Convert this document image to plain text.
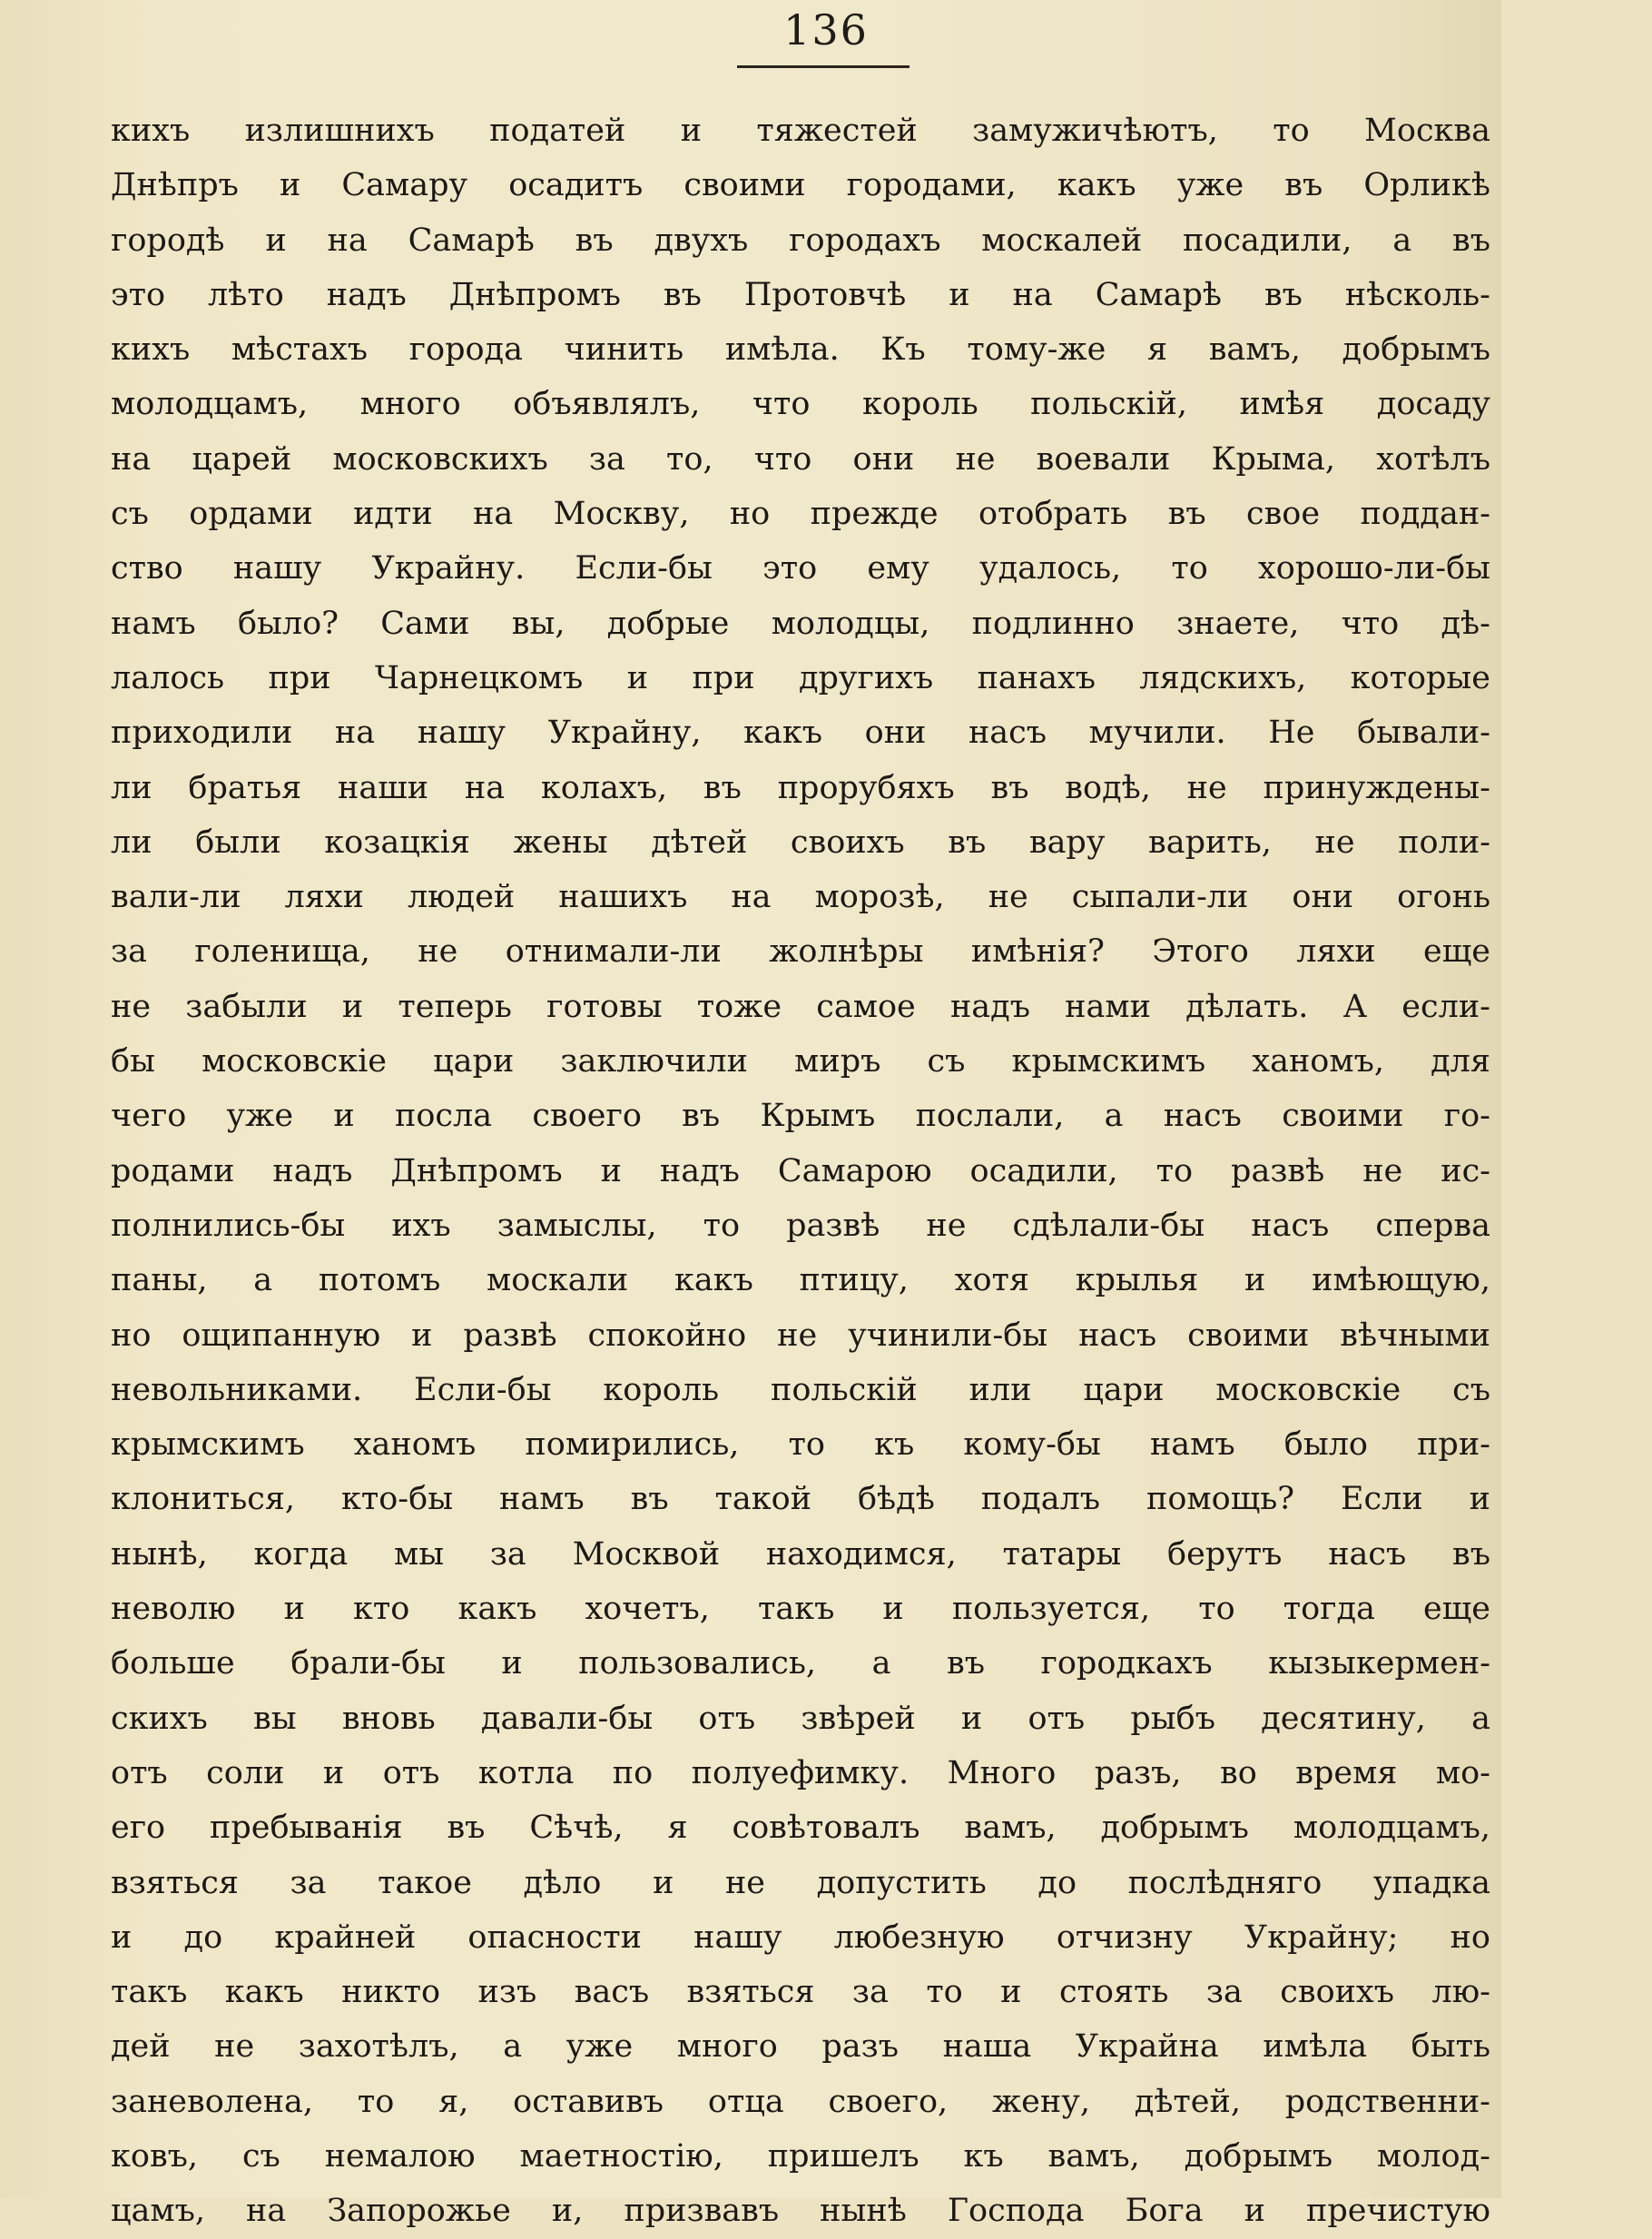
136
кихъ излишнихъ податей и тяжестей замужичѣютъ, то Москва
Днѣпръ и Самару осадитъ своими городами, какъ уже въ Орликѣ
городѣ и на Самарѣ въ двухъ городахъ москалей посадили, а въ
это лѣто надъ Днѣпромъ въ Протовчѣ и на Самарѣ въ нѣсколь-
кихъ мѣстахъ города чинить имѣла. Къ тому-же я вамъ, добрымъ
молодцамъ, много объявлялъ, что король польскій, имѣя досаду
на царей московскихъ за то, что они не воевали Крыма, хотѣлъ
съ ордами идти на Москву, но прежде отобрать въ свое поддан-
ство нашу Украйну. Если-бы это ему удалось, то хорошо-ли-бы
намъ было? Сами вы, добрые молодцы, подлинно знаете, что дѣ-
лалось при Чарнецкомъ и при другихъ панахъ лядскихъ, которые
приходили на нашу Украйну, какъ они насъ мучили. Не бывали-
ли братья наши на колахъ, въ прорубяхъ въ водѣ, не принуждены-
ли были козацкія жены дѣтей своихъ въ вару варить, не поли-
вали-ли ляхи людей нашихъ на морозѣ, не сыпали-ли они огонь
за голенища, не отнимали-ли жолнѣры имѣнія? Этого ляхи еще
не забыли и теперь готовы тоже самое надъ нами дѣлать. А если-
бы московскіе цари заключили миръ съ крымскимъ ханомъ, для
чего уже и посла своего въ Крымъ послали, а насъ своими го-
родами надъ Днѣпромъ и надъ Самарою осадили, то развѣ не ис-
полнились-бы ихъ замыслы, то развѣ не сдѣлали-бы насъ сперва
паны, а потомъ москали какъ птицу, хотя крылья и имѣющую,
но ощипанную и развѣ спокойно не учинили-бы насъ своими вѣчными
невольниками. Если-бы король польскій или цари московскіе съ
крымскимъ ханомъ помирились, то къ кому-бы намъ было при-
клониться, кто-бы намъ въ такой бѣдѣ подалъ помощь? Если и
нынѣ, когда мы за Москвой находимся, татары берутъ насъ въ
неволю и кто какъ хочетъ, такъ и пользуется, то тогда еще
больше брали-бы и пользовались, а въ городкахъ кызыкермен-
скихъ вы вновь давали-бы отъ звѣрей и отъ рыбъ десятину, а
отъ соли и отъ котла по полуефимку. Много разъ, во время мо-
его пребыванія въ Сѣчѣ, я совѣтовалъ вамъ, добрымъ молодцамъ,
взяться за такое дѣло и не допустить до послѣдняго упадка
и до крайней опасности нашу любезную отчизну Украйну; но
такъ какъ никто изъ васъ взяться за то и стоять за своихъ лю-
дей не захотѣлъ, а уже много разъ наша Украйна имѣла быть
заневолена, то я, оставивъ отца своего, жену, дѣтей, родственни-
ковъ, съ немалою маетностію, пришелъ къ вамъ, добрымъ молод-
цамъ, на Запорожье и, призвавъ нынѣ Господа Бога и пречистую
